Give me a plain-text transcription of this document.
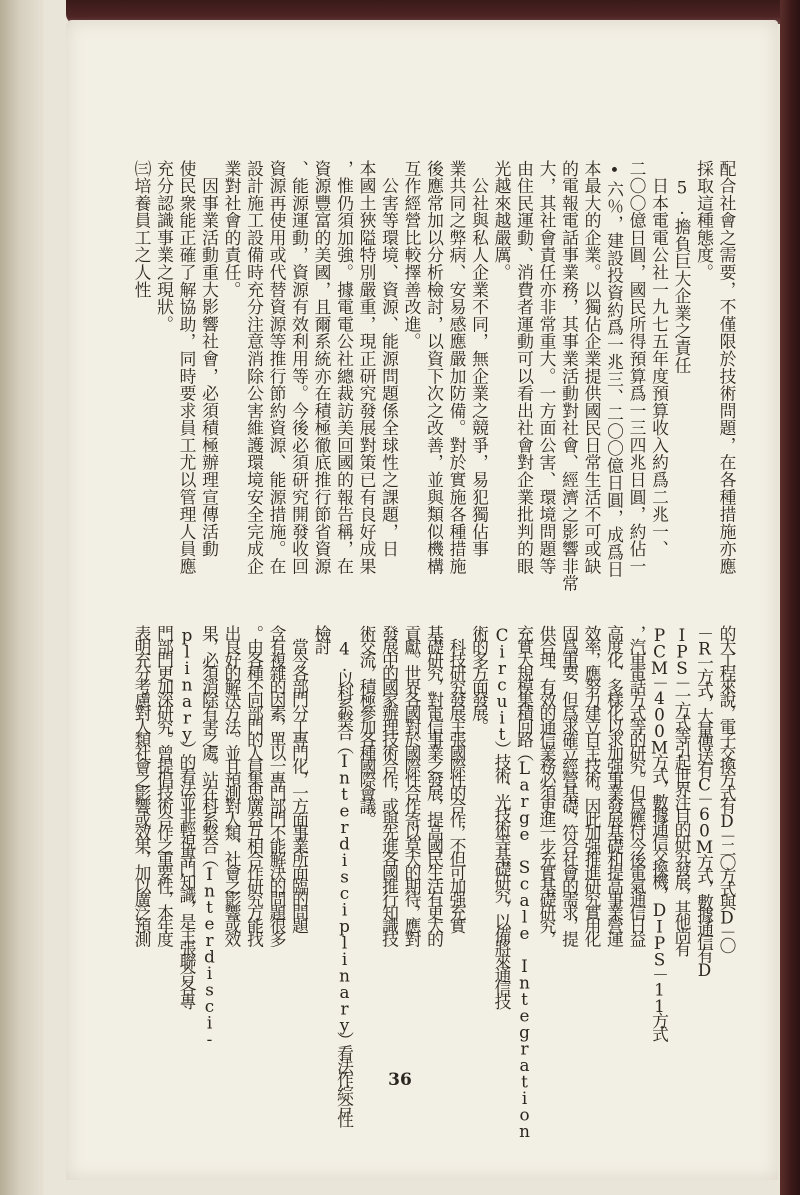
配合社會之需要，不僅限於技術問題，在各種措施亦應
採取這種態度。
　5.擔負巨大企業之責任
　日本電電公社一九七五年度預算收入約爲二兆一、
二〇〇億日圓，國民所得預算爲一三四兆日圓，約佔一
•六％，建設投資約爲一兆三、二〇〇億日圓，成爲日
本最大的企業。以獨佔企業提供國民日常生活不可或缺
的電報電話事業務，其事業活動對社會、經濟之影響非常
大，其社會責任亦非常重大。一方面公害、環境問題等
由住民運動、消費者運動可以看出社會對企業批判的眼
光越來越嚴厲。
　公社與私人企業不同，無企業之競爭，易犯獨佔事
業共同之弊病、安易感應嚴加防備。對於實施各種措施
後應常加以分析檢討，以資下次之改善，並與類似機構
互作經營比較擇善改進。
　公害等環境、資源、能源問題係全球性之課題，日
本國土狹隘特別嚴重，現正研究發展對策已有良好成果
，惟仍須加強。據電電公社總裁訪美回國的報告稱，在
資源豐富的美國，且爾系統亦在積極徹底推行節省資源
、能源運動，資源有效利用等。今後必須研究開發收回
資源再使用或代替資源等推行節約資源、能源措施。在
設計施工設備時充分注意消除公害維護環境安全完成企
業對社會的責任。
　因事業活動重大影響社會，必須積極辦理宣傳活動
使民衆能正確了解協助，同時要求員工尤以管理人員應
充分認識事業之現狀。
㈢培養員工之人性
的大工程來說，電子交換方式有D－二〇方式與D－〇
－R一方式，大量傳送有C－60M方式，數據通信有D
IPS－一方式等引起世界注目的研究發展，其他尚有
PCM－400M方式，數據通信交換機，DIPS－11方式
，汽車電話方式等的研究。但爲應付今後電氣通信日益
高度化、多樣化以求加强事業發展基礎和提高事業營運
效率，應努力建立自主技術。因此加强推進研究實用化
固爲重要，但爲求確立經營基礎，符合社會的需求，提
供合理、有效的通信業務必須更進一步充實基礎研究，
充實大規模集積回路（Large Scale Integration
Circuit）技術、光技術等基礎研究，以備將來通信技
術的多方面發展。
　科技研究發展主張國際性的合作，不但可加强充實
基礎研究，對電信事業之發展，提高國民生活有更大的
貢獻。世界各國對於國際性合作寄以莫大的期待，應對
發展中的國家辦理技術合作，或與先進各國推行知識技
術交流，積極參加各種國際會議。
　4.以科系整合（Interdisciplinary）看法作綜合性
檢討
　當今各部門分工專門化，一方面事業所面臨的問題
含有複雜的因素，單以一專門部門不能解決的問題很多
。由各種不同部門的人員集思廣益互相合作研究方能找
出良好的解決方法。並且預測對人類、社會之影響或效
果，必須消除有害之處。站在科系整合（Interdisci-
plinary）的看法並非輕視專門知識，是主張聯合各專
門部門更加深研究。曾提倡技術合作之重要性，本年度
表明充分考慮對人類社會之影響或效果，加以廣泛預測
36
